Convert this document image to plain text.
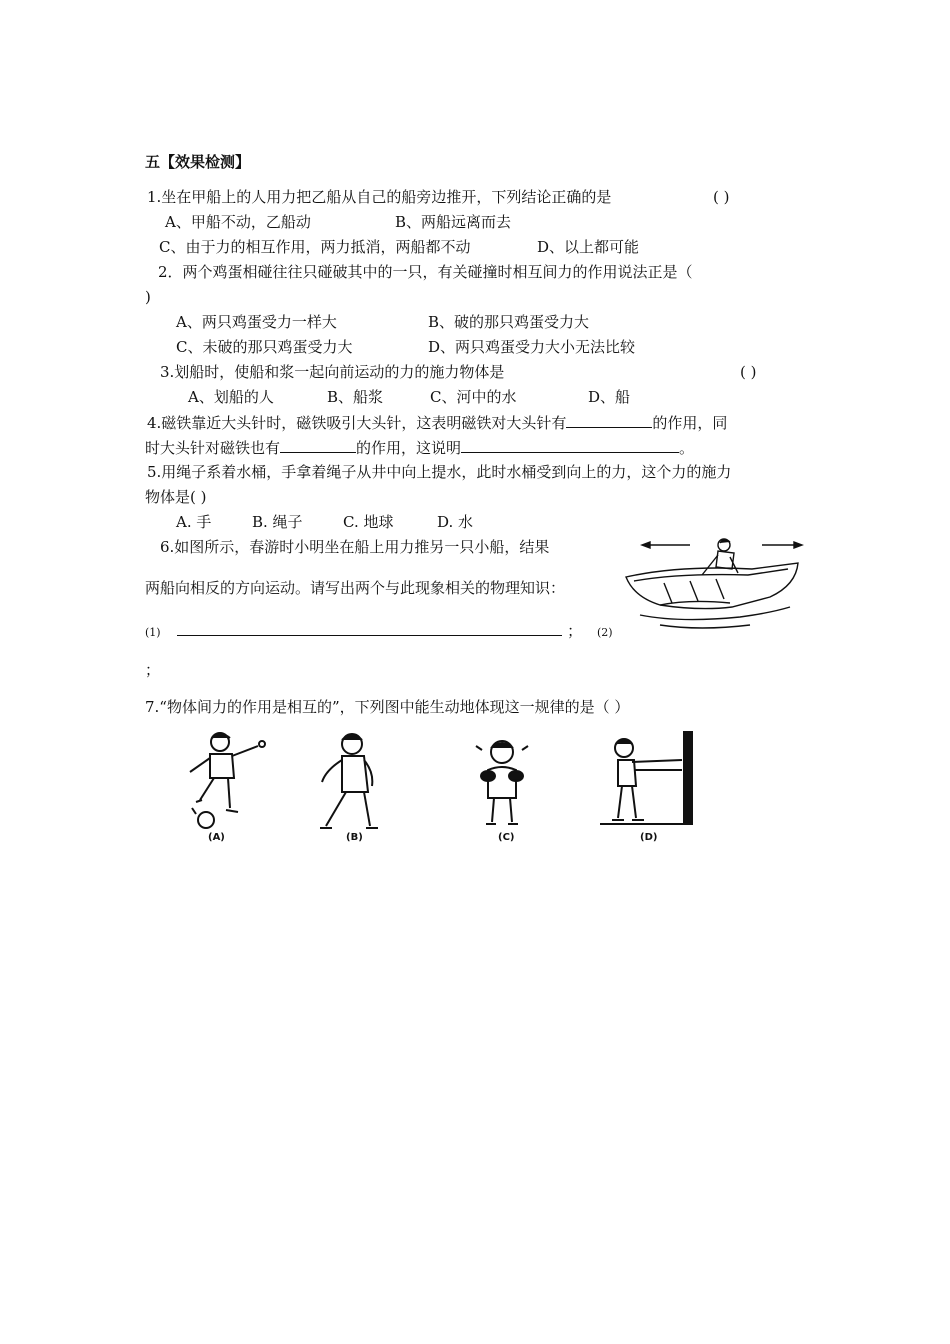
五【效果检测】
1.坐在甲船上的人用力把乙船从自己的船旁边推开，下列结论正确的是	( )
A、甲船不动，乙船动	B、两船远离而去
C、由于力的相互作用，两力抵消，两船都不动	D、以上都可能
2．两个鸡蛋相碰往往只碰破其中的一只，有关碰撞时相互间力的作用说法正是（
)
A、两只鸡蛋受力一样大	B、破的那只鸡蛋受力大
C、未破的那只鸡蛋受力大	D、两只鸡蛋受力大小无法比较
3.划船时，使船和浆一起向前运动的力的施力物体是	( )
A、划船的人	B、船浆	C、河中的水	D、船
4.磁铁靠近大头针时，磁铁吸引大头针，这表明磁铁对大头针有	的作用，同
时大头针对磁铁也有	的作用，这说明	。
5.用绳子系着水桶，手拿着绳子从井中向上提水，此时水桶受到向上的力，这个力的施力
物体是( )
A. 手	B. 绳子	C. 地球	D. 水
6.如图所示，春游时小明坐在船上用力推另一只小船，结果
两船向相反的方向运动。请写出两个与此现象相关的物理知识：
(1)	； (2)
；
7.“物体间力的作用是相互的”，下列图中能生动地体现这一规律的是（ ）
(A)	(B)	(C)	(D)
